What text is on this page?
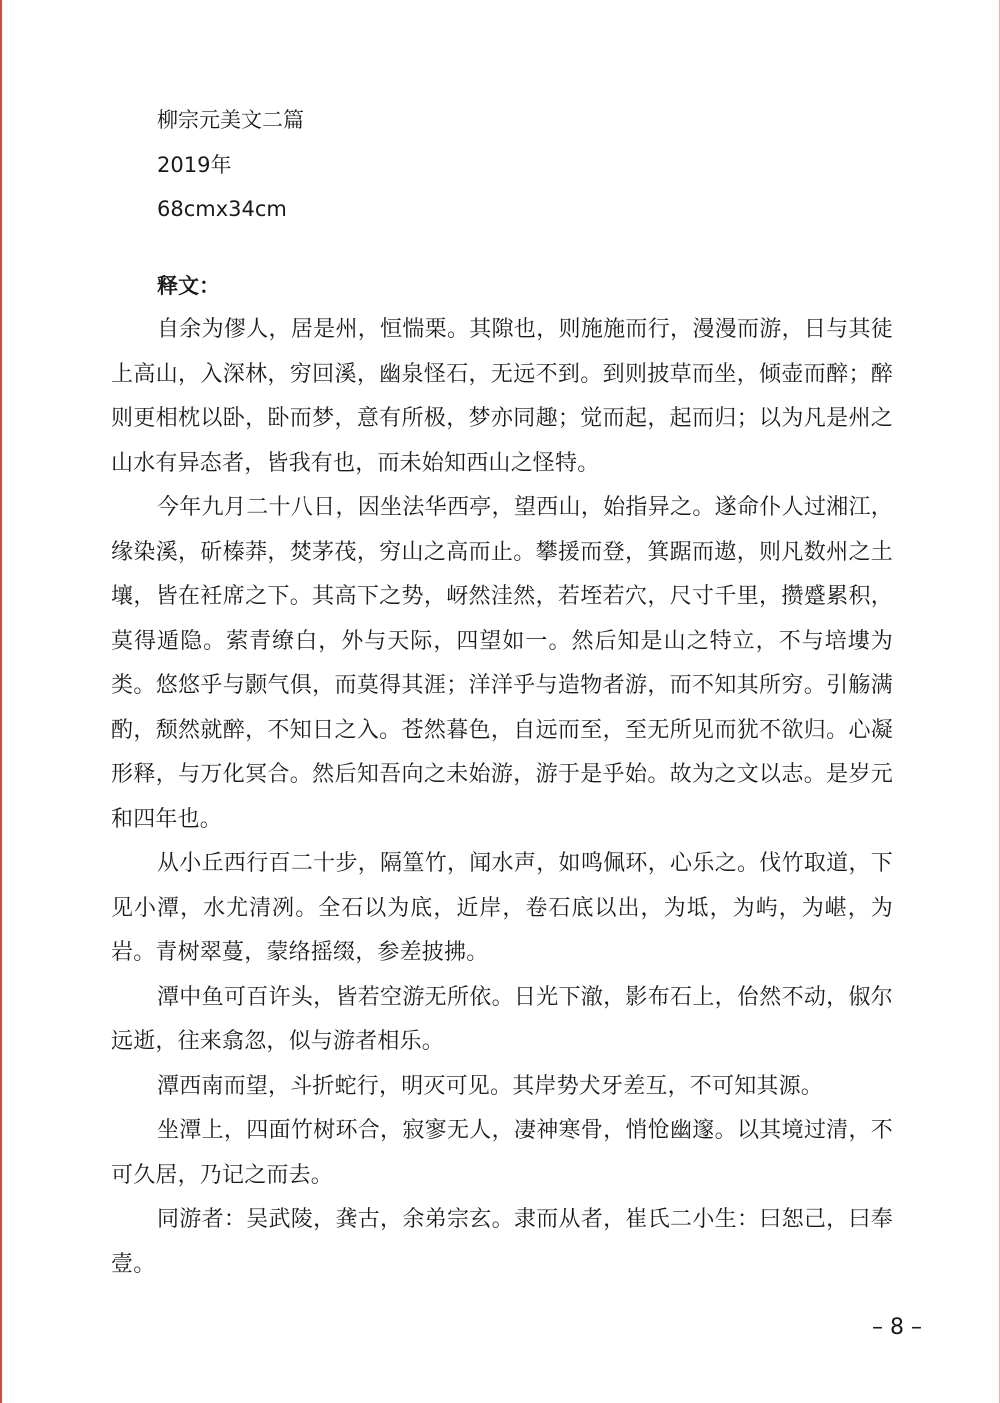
柳宗元美文二篇
2019年
68cmx34cm
释文：

自余为僇人，居是州，恒惴栗。其隙也，则施施而行，漫漫而游，日与其徒上高山，入深林，穷回溪，幽泉怪石，无远不到。到则披草而坐，倾壶而醉；醉则更相枕以卧，卧而梦，意有所极，梦亦同趣；觉而起，起而归；以为凡是州之山水有异态者，皆我有也，而未始知西山之怪特。

今年九月二十八日，因坐法华西亭，望西山，始指异之。遂命仆人过湘江，缘染溪，斫榛莽，焚茅茷，穷山之高而止。攀援而登，箕踞而遨，则凡数州之土壤，皆在衽席之下。其高下之势，岈然洼然，若垤若穴，尺寸千里，攒蹙累积，莫得遁隐。萦青缭白，外与天际，四望如一。然后知是山之特立，不与培塿为类。悠悠乎与颢气俱，而莫得其涯；洋洋乎与造物者游，而不知其所穷。引觞满酌，颓然就醉，不知日之入。苍然暮色，自远而至，至无所见而犹不欲归。心凝形释，与万化冥合。然后知吾向之未始游，游于是乎始。故为之文以志。是岁元和四年也。

从小丘西行百二十步，隔篁竹，闻水声，如鸣佩环，心乐之。伐竹取道，下见小潭，水尤清冽。全石以为底，近岸，卷石底以出，为坻，为屿，为嵁，为岩。青树翠蔓，蒙络摇缀，参差披拂。

潭中鱼可百许头，皆若空游无所依。日光下澈，影布石上，佁然不动，俶尔远逝，往来翕忽，似与游者相乐。

潭西南而望，斗折蛇行，明灭可见。其岸势犬牙差互，不可知其源。

坐潭上，四面竹树环合，寂寥无人，凄神寒骨，悄怆幽邃。以其境过清，不可久居，乃记之而去。

同游者：吴武陵，龚古，余弟宗玄。隶而从者，崔氏二小生：曰恕己，曰奉壹。

– 8 –
